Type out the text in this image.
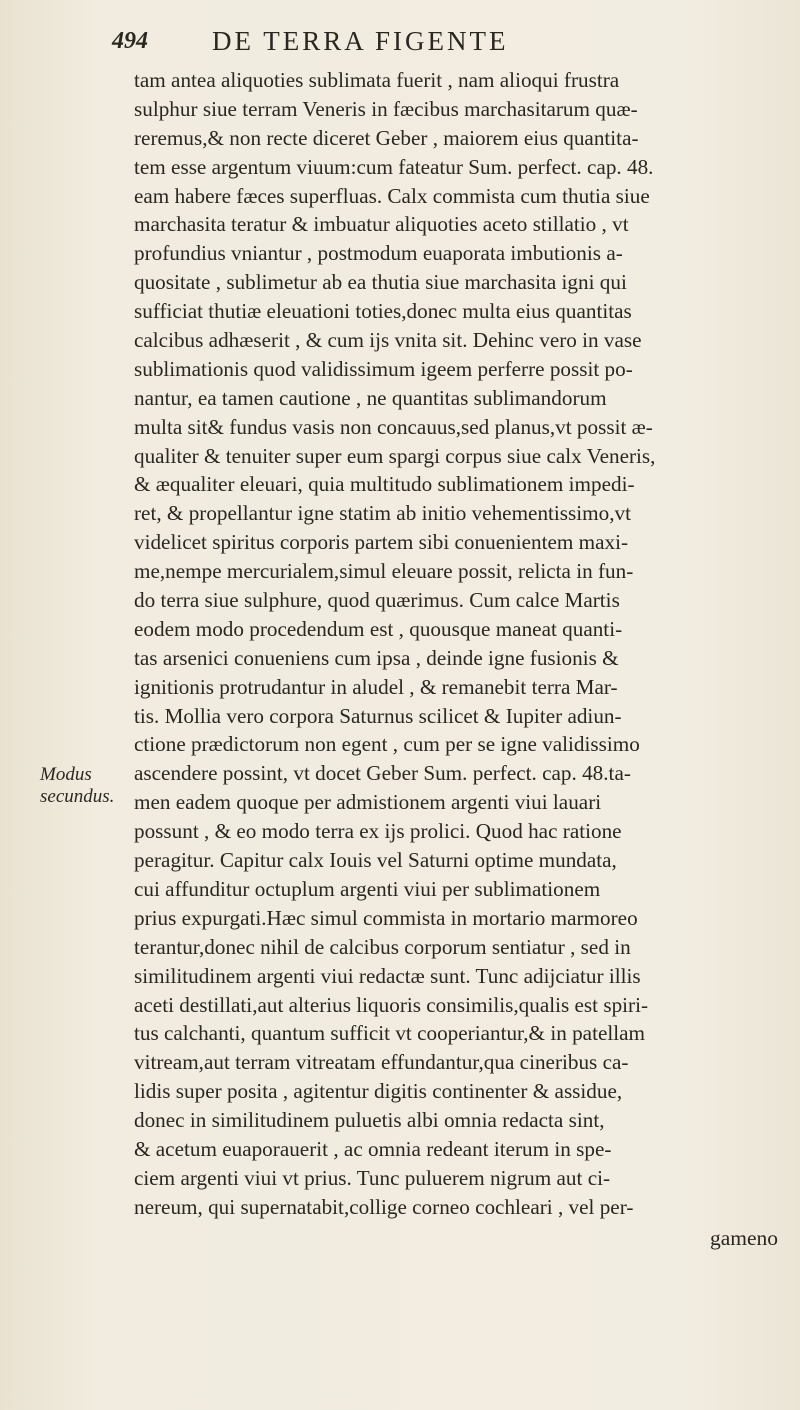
494 DE TERRA FIGENTE
Modus
secundus.
tam antea aliquoties sublimata fuerit , nam alioqui frustra
sulphur siue terram Veneris in fæcibus marchasitarum quæ-
reremus,& non recte diceret Geber , maiorem eius quantita-
tem esse argentum viuum:cum fateatur Sum. perfect. cap. 48.
eam habere fæces superfluas. Calx commista cum thutia siue
marchasita teratur & imbuatur aliquoties aceto stillatio , vt
profundius vniantur , postmodum euaporata imbutionis a-
quositate , sublimetur ab ea thutia siue marchasita igni qui
sufficiat thutiæ eleuationi toties,donec multa eius quantitas
calcibus adhæserit , & cum ijs vnita sit. Dehinc vero in vase
sublimationis quod validissimum igeem perferre possit po-
nantur, ea tamen cautione , ne quantitas sublimandorum
multa sit& fundus vasis non concauus,sed planus,vt possit æ-
qualiter & tenuiter super eum spargi corpus siue calx Veneris,
& æqualiter eleuari, quia multitudo sublimationem impedi-
ret, & propellantur igne statim ab initio vehementissimo,vt
videlicet spiritus corporis partem sibi conuenientem maxi-
me,nempe mercurialem,simul eleuare possit, relicta in fun-
do terra siue sulphure, quod quærimus. Cum calce Martis
eodem modo procedendum est , quousque maneat quanti-
tas arsenici conueniens cum ipsa , deinde igne fusionis &
ignitionis protrudantur in aludel , & remanebit terra Mar-
tis. Mollia vero corpora Saturnus scilicet & Iupiter adiun-
ctione prædictorum non egent , cum per se igne validissimo
ascendere possint, vt docet Geber Sum. perfect. cap. 48.ta-
men eadem quoque per admistionem argenti viui lauari
possunt , & eo modo terra ex ijs prolici. Quod hac ratione
peragitur. Capitur calx Iouis vel Saturni optime mundata,
cui affunditur octuplum argenti viui per sublimationem
prius expurgati.Hæc simul commista in mortario marmoreo
terantur,donec nihil de calcibus corporum sentiatur , sed in
similitudinem argenti viui redactæ sunt. Tunc adijciatur illis
aceti destillati,aut alterius liquoris consimilis,qualis est spiri-
tus calchanti, quantum sufficit vt cooperiantur,& in patellam
vitream,aut terram vitreatam effundantur,qua cineribus ca-
lidis super posita , agitentur digitis continenter & assidue,
donec in similitudinem puluetis albi omnia redacta sint,
& acetum euaporauerit , ac omnia redeant iterum in spe-
ciem argenti viui vt prius. Tunc puluerem nigrum aut ci-
nereum, qui supernatabit,collige corneo cochleari , vel per-
gameno
